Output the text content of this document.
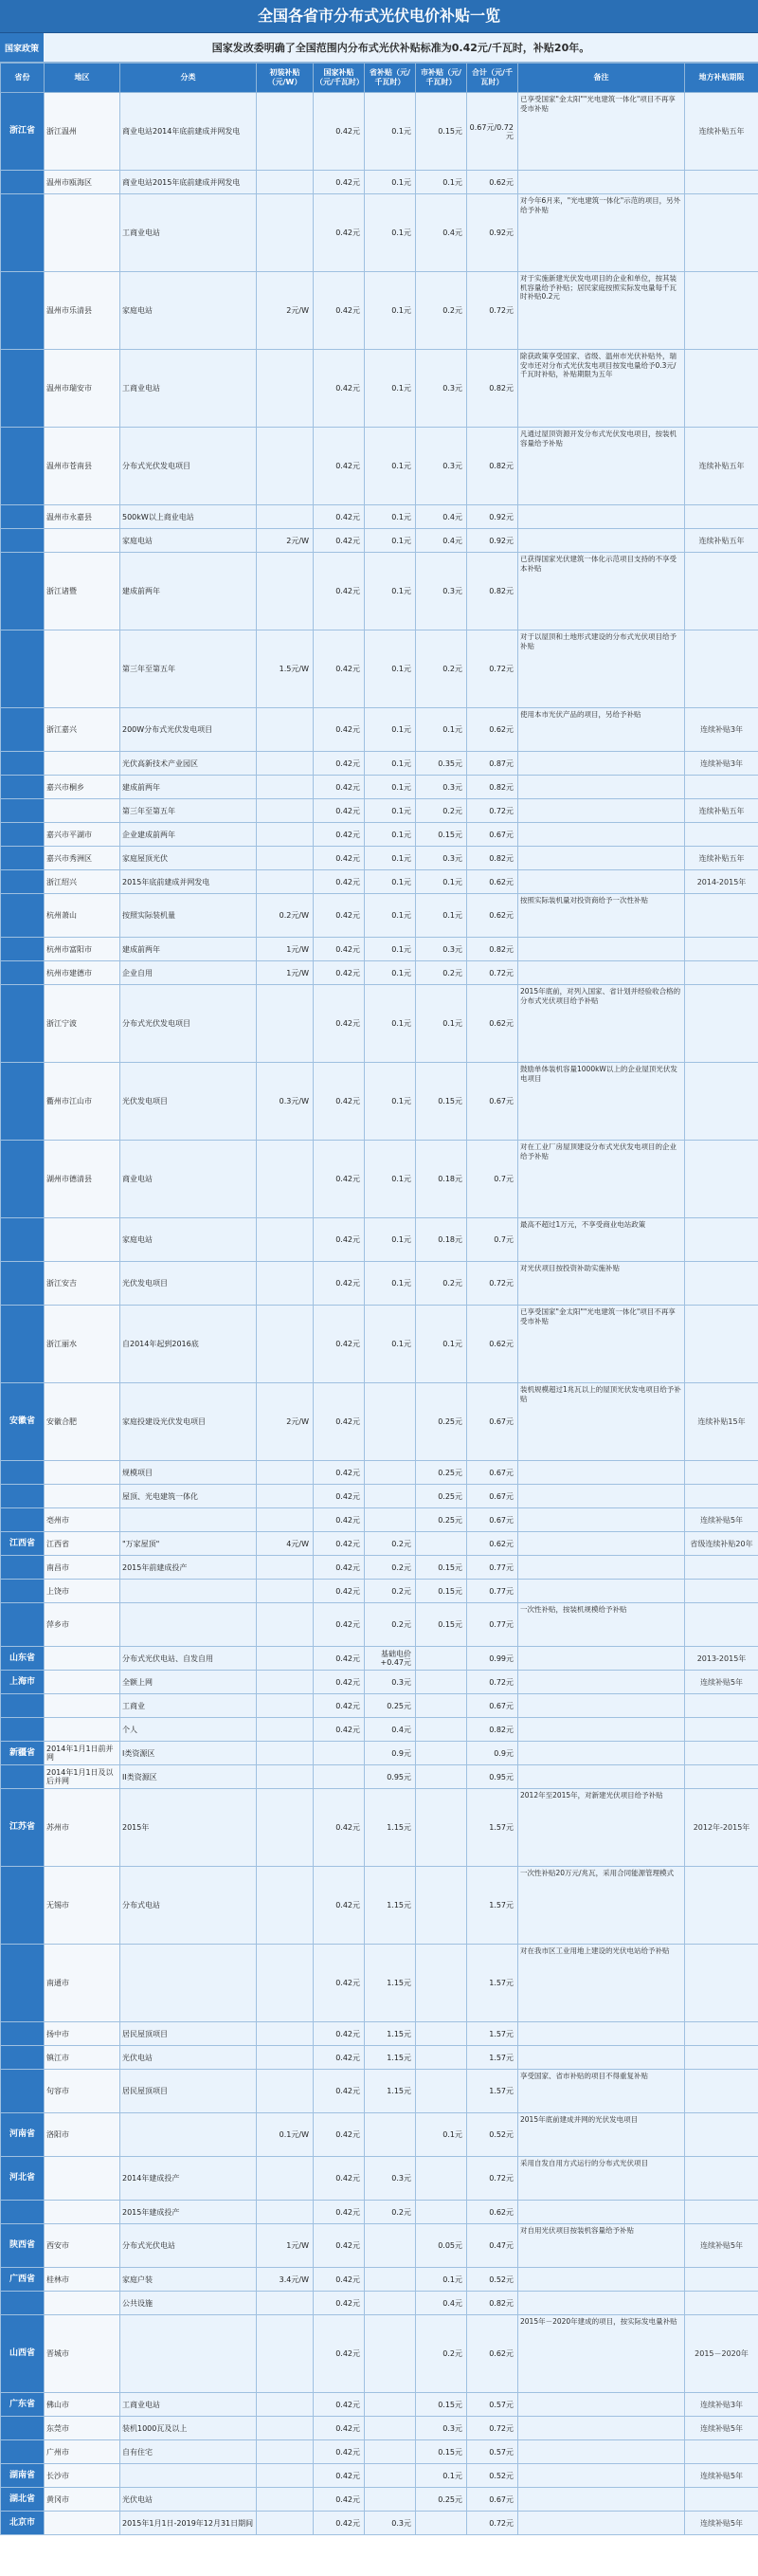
全国各省市分布式光伏电价补贴一览
国家政策	国家发改委明确了全国范围内分布式光伏补贴标准为0.42元/千瓦时，补贴20年。
省份	地区	分类	初装补贴（元/W）	国家补贴（元/千瓦时）	省补贴（元/千瓦时）	市补贴（元/千瓦时）	合计（元/千瓦时）	备注	地方补贴期限
浙江省	浙江温州	商业电站2014年底前建成并网发电		0.42元	0.1元	0.15元	0.67元/0.72元	已享受国家"金太阳""光电建筑一体化"项目不再享受市补贴	连续补贴五年
	温州市瓯海区	商业电站2015年底前建成并网发电		0.42元	0.1元	0.1元	0.62元		
		工商业电站		0.42元	0.1元	0.4元	0.92元	对今年6月来，"光电建筑一体化"示范的项目，另外给予补贴	
	温州市乐清县	家庭电站	2元/W	0.42元	0.1元	0.2元	0.72元	对于实施新建光伏发电项目的企业和单位，按其装机容量给予补贴；居民家庭按照实际发电量每千瓦时补贴0.2元	
	温州市瑞安市	工商业电站		0.42元	0.1元	0.3元	0.82元	除获政策享受国家、省级、温州市光伏补贴外，瑞安市还对分布式光伏发电项目按发电量给予0.3元/千瓦时补贴，补贴期限为五年	
	温州市苍南县	分布式光伏发电项目		0.42元	0.1元	0.3元	0.82元	凡通过屋顶资源开发分布式光伏发电项目，按装机容量给予补贴	连续补贴五年
	温州市永嘉县	500kW以上商业电站		0.42元	0.1元	0.4元	0.92元		
		家庭电站	2元/W	0.42元	0.1元	0.4元	0.92元		连续补贴五年
	浙江诸暨	建成前两年		0.42元	0.1元	0.3元	0.82元	已获得国家光伏建筑一体化示范项目支持的不享受本补贴	
		第三年至第五年	1.5元/W	0.42元	0.1元	0.2元	0.72元	对于以屋顶和土地形式建设的分布式光伏项目给予补贴	
	浙江嘉兴	200W分布式光伏发电项目		0.42元	0.1元	0.1元	0.62元	使用本市光伏产品的项目，另给予补贴	连续补贴3年
		光伏高新技术产业园区		0.42元	0.1元	0.35元	0.87元		连续补贴3年
	嘉兴市桐乡	建成前两年		0.42元	0.1元	0.3元	0.82元		
		第三年至第五年		0.42元	0.1元	0.2元	0.72元		连续补贴五年
	嘉兴市平湖市	企业建成前两年		0.42元	0.1元	0.15元	0.67元		
	嘉兴市秀洲区	家庭屋顶光伏		0.42元	0.1元	0.3元	0.82元		连续补贴五年
	浙江绍兴	2015年底前建成并网发电		0.42元	0.1元	0.1元	0.62元		2014-2015年
	杭州萧山	按照实际装机量	0.2元/W	0.42元	0.1元	0.1元	0.62元	按照实际装机量对投资商给予一次性补贴	
	杭州市富阳市	建成前两年	1元/W	0.42元	0.1元	0.3元	0.82元		
	杭州市建德市	企业自用	1元/W	0.42元	0.1元	0.2元	0.72元		
	浙江宁波	分布式光伏发电项目		0.42元	0.1元	0.1元	0.62元	2015年底前，对列入国家、省计划并经验收合格的分布式光伏项目给予补贴	
	衢州市江山市	光伏发电项目	0.3元/W	0.42元	0.1元	0.15元	0.67元	鼓励单体装机容量1000kW以上的企业屋顶光伏发电项目	
	湖州市德清县	商业电站		0.42元	0.1元	0.18元	0.7元	对在工业厂房屋顶建设分布式光伏发电项目的企业给予补贴	
		家庭电站		0.42元	0.1元	0.18元	0.7元	最高不超过1万元，不享受商业电站政策	
	浙江安吉	光伏发电项目		0.42元	0.1元	0.2元	0.72元	对光伏项目按投资补助实施补贴	
	浙江丽水	自2014年起到2016底		0.42元	0.1元	0.1元	0.62元	已享受国家"金太阳""光电建筑一体化"项目不再享受市补贴	
安徽省	安徽合肥	家庭投建设光伏发电项目	2元/W	0.42元		0.25元	0.67元	装机规模超过1兆瓦以上的屋顶光伏发电项目给予补贴	连续补贴15年
		规模项目		0.42元		0.25元	0.67元		
		屋顶、光电建筑一体化		0.42元		0.25元	0.67元		
	亳州市			0.42元		0.25元	0.67元		连续补贴5年
江西省	江西省	"万家屋顶"	4元/W	0.42元	0.2元		0.62元		省级连续补贴20年
	南昌市	2015年前建成投产		0.42元	0.2元	0.15元	0.77元		
	上饶市			0.42元	0.2元	0.15元	0.77元		
	萍乡市			0.42元	0.2元	0.15元	0.77元	一次性补贴，按装机规模给予补贴	
山东省		分布式光伏电站、自发自用		0.42元	基础电价+0.47元		0.99元		2013-2015年
上海市		全额上网		0.42元	0.3元		0.72元		连续补贴5年
		工商业		0.42元	0.25元		0.67元		
		个人		0.42元	0.4元		0.82元		
新疆省	2014年1月1日前并网	I类资源区			0.9元		0.9元		
	2014年1月1日及以后并网	II类资源区			0.95元		0.95元		
江苏省	苏州市	2015年		0.42元	1.15元		1.57元	2012年至2015年，对新建光伏项目给予补贴	2012年-2015年
	无锡市	分布式电站		0.42元	1.15元		1.57元	一次性补贴20万元/兆瓦，采用合同能源管理模式	
	南通市			0.42元	1.15元		1.57元	对在我市区工业用地上建设的光伏电站给予补贴	
	扬中市	居民屋顶项目		0.42元	1.15元		1.57元		
	镇江市	光伏电站		0.42元	1.15元		1.57元		
	句容市	居民屋顶项目		0.42元	1.15元		1.57元	享受国家、省市补贴的项目不得重复补贴	
河南省	洛阳市		0.1元/W	0.42元		0.1元	0.52元	2015年底前建成并网的光伏发电项目	
河北省		2014年建成投产		0.42元	0.3元		0.72元	采用自发自用方式运行的分布式光伏项目	
		2015年建成投产		0.42元	0.2元		0.62元		
陕西省	西安市	分布式光伏电站	1元/W	0.42元		0.05元	0.47元	对自用光伏项目按装机容量给予补贴	连续补贴5年
广西省	桂林市	家庭户装	3.4元/W	0.42元		0.1元	0.52元		
		公共设施		0.42元		0.4元	0.82元		
山西省	晋城市			0.42元		0.2元	0.62元	2015年－2020年建成的项目，按实际发电量补贴	2015－2020年
广东省	佛山市	工商业电站		0.42元		0.15元	0.57元		连续补贴3年
	东莞市	装机1000瓦及以上		0.42元		0.3元	0.72元		连续补贴5年
	广州市	自有住宅		0.42元		0.15元	0.57元		
湖南省	长沙市			0.42元		0.1元	0.52元		连续补贴5年
湖北省	黄冈市	光伏电站		0.42元		0.25元	0.67元		
北京市		2015年1月1日-2019年12月31日期间		0.42元	0.3元		0.72元		连续补贴5年
